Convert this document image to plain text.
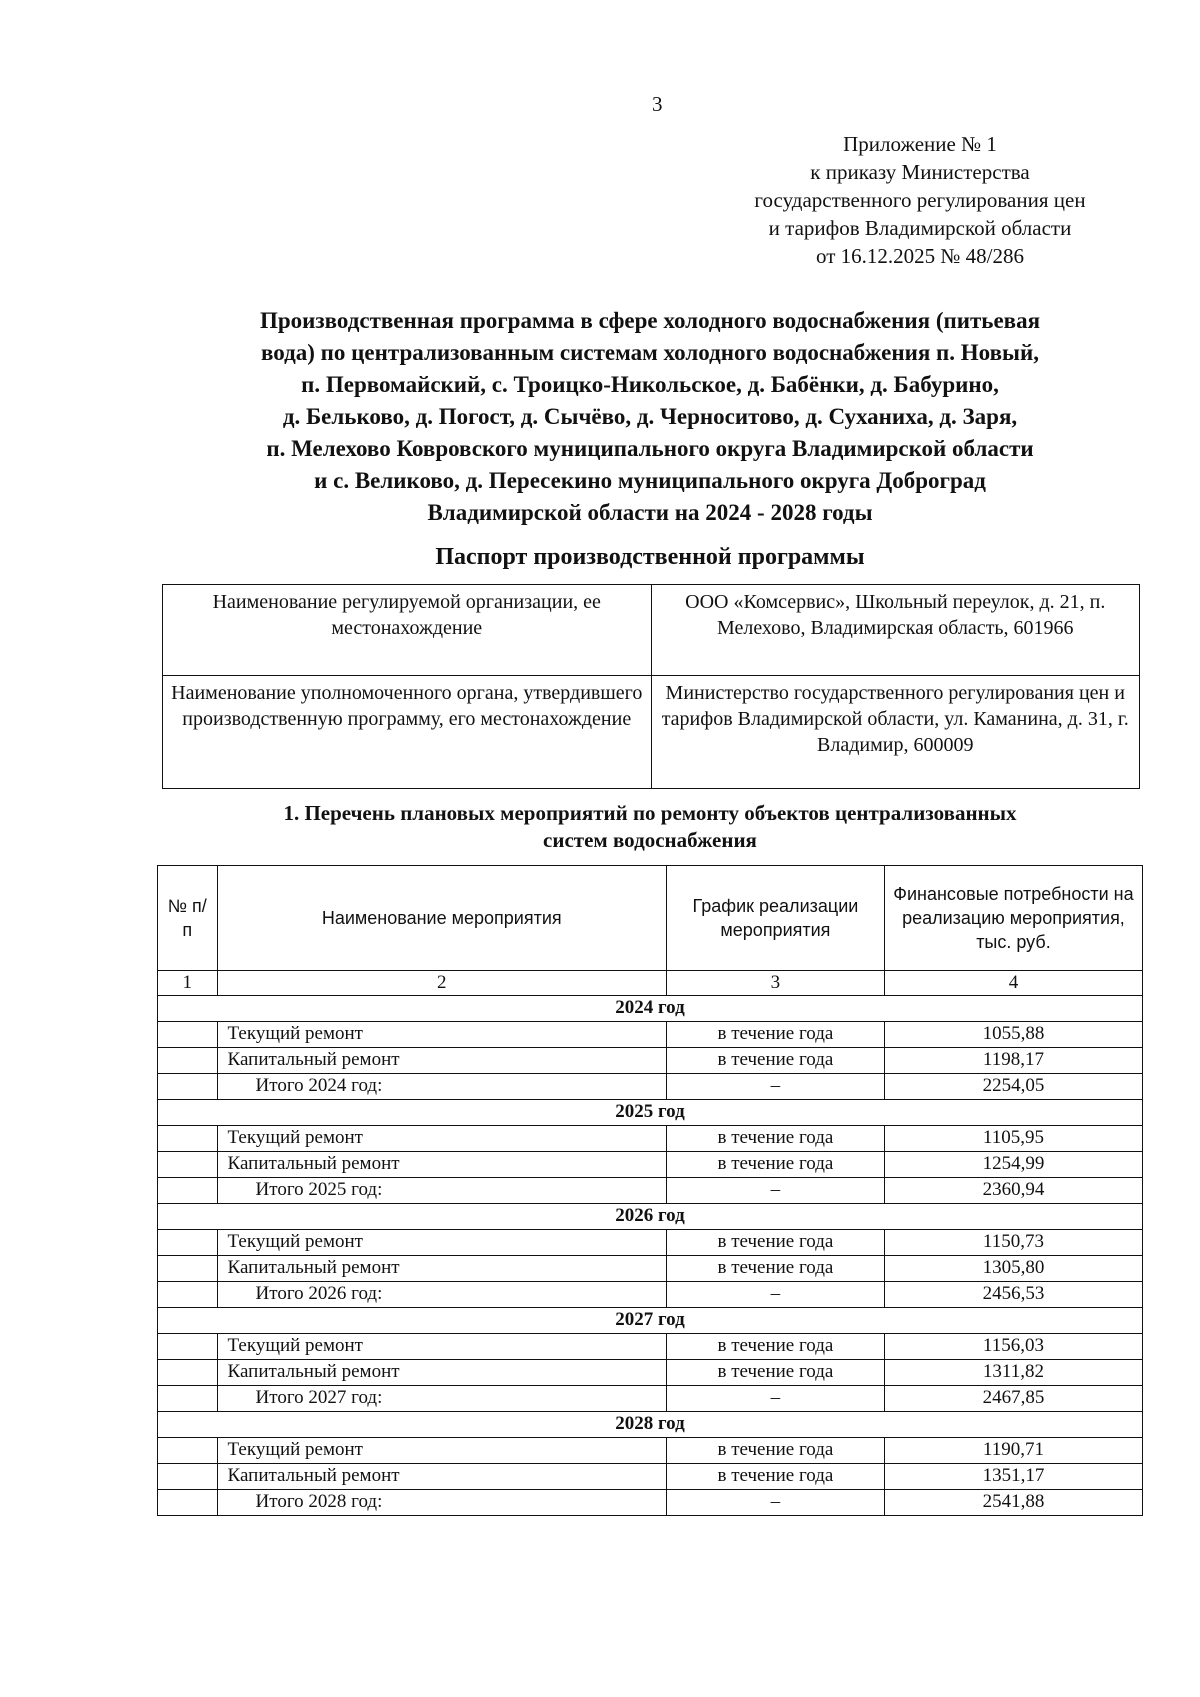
3
Приложение № 1
к приказу Министерства
государственного регулирования цен
и тарифов Владимирской области
от 16.12.2025 № 48/286
Производственная программа в сфере холодного водоснабжения (питьевая
вода) по централизованным системам холодного водоснабжения п. Новый,
п. Первомайский, с. Троицко-Никольское, д. Бабёнки, д. Бабурино,
д. Бельково, д. Погост, д. Сычёво, д. Черноситово, д. Суханиха, д. Заря,
п. Мелехово Ковровского муниципального округа Владимирской области
и с. Великово, д. Пересекино муниципального округа Доброград
Владимирской области на 2024 - 2028 годы
Паспорт производственной программы
Наименование регулируемой организации, ее местонахождение	ООО «Комсервис», Школьный переулок, д. 21, п. Мелехово, Владимирская область, 601966
Наименование уполномоченного органа, утвердившего производственную программу, его местонахождение	Министерство государственного регулирования цен и тарифов Владимирской области, ул. Каманина, д. 31, г. Владимир, 600009
1. Перечень плановых мероприятий по ремонту объектов централизованных
систем водоснабжения
№ п/п	Наименование мероприятия	График реализации мероприятия	Финансовые потребности на реализацию мероприятия, тыс. руб.
1	2	3	4
2024 год			
	Текущий ремонт	в течение года	1055,88
	Капитальный ремонт	в течение года	1198,17
	Итого 2024 год:	–	2254,05
2025 год			
	Текущий ремонт	в течение года	1105,95
	Капитальный ремонт	в течение года	1254,99
	Итого 2025 год:	–	2360,94
2026 год			
	Текущий ремонт	в течение года	1150,73
	Капитальный ремонт	в течение года	1305,80
	Итого 2026 год:	–	2456,53
2027 год			
	Текущий ремонт	в течение года	1156,03
	Капитальный ремонт	в течение года	1311,82
	Итого 2027 год:	–	2467,85
2028 год			
	Текущий ремонт	в течение года	1190,71
	Капитальный ремонт	в течение года	1351,17
	Итого 2028 год:	–	2541,88
